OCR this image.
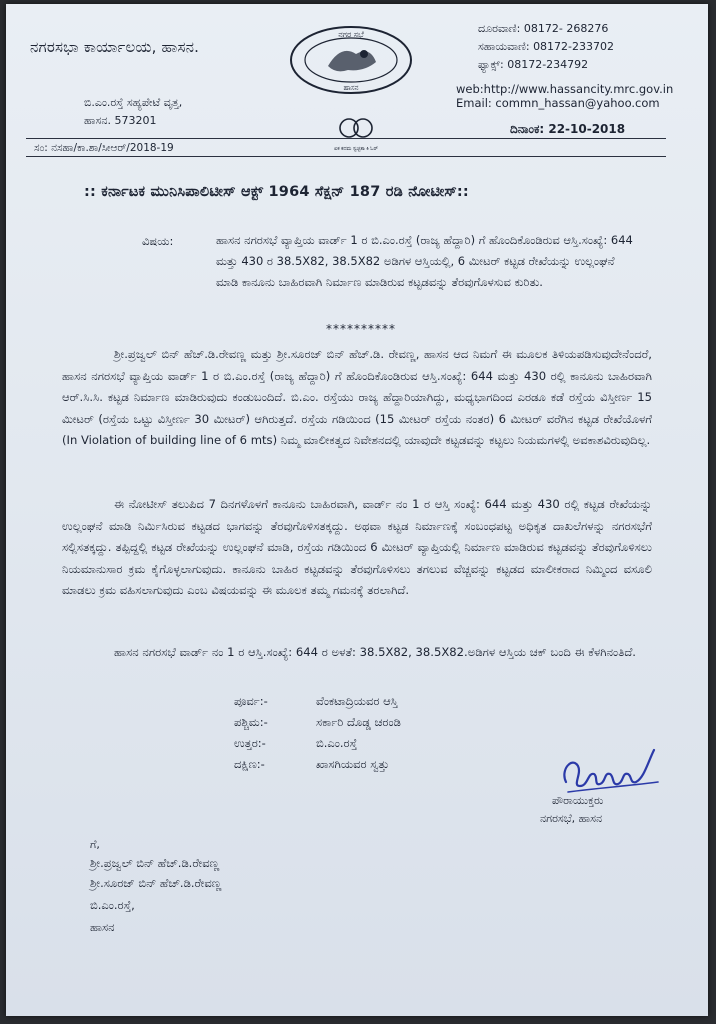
ನಗರಸಭಾ ಕಾರ್ಯಾಲಯ, ಹಾಸನ.
ಬಿ.ಎಂ.ರಸ್ತೆ ಸಹ್ಯಪೇಟೆ ವೃತ್ತ,
ಹಾಸನ. 573201
ನಗರ ಸಭೆ
ಹಾಸನ
ಏಕ ಕದಮ ಸ್ವಚ್ಛತಾ ಕಿ ಓರ್
ದೂರವಾಣಿ: 08172- 268276
ಸಹಾಯವಾಣಿ: 08172-233702
ಫ್ಯಾಕ್ಸ್: 08172-234792
web:http://www.hassancity.mrc.gov.in
Email: commn_hassan@yahoo.com
ದಿನಾಂಕ: 22-10-2018
ಸಂ: ನಸಹಾ/ಕಾ.ಶಾ/ಸೀಆರ್/2018-19
:: ಕರ್ನಾಟಕ ಮುನಿಸಿಪಾಲಿಟೀಸ್ ಆಕ್ಟ್ 1964 ಸೆಕ್ಷನ್ 187 ರಡಿ ನೋಟೀಸ್::
ವಿಷಯ:	ಹಾಸನ ನಗರಸಭೆ ವ್ಯಾಪ್ತಿಯ ವಾರ್ಡ್ 1 ರ ಬಿ.ಎಂ.ರಸ್ತೆ (ರಾಜ್ಯ ಹೆದ್ದಾರಿ) ಗೆ ಹೊಂದಿಕೊಂಡಿರುವ ಆಸ್ತಿ.ಸಂಖ್ಯೆ: 644 ಮತ್ತು 430 ರ 38.5X82, 38.5X82 ಅಡಿಗಳ ಆಸ್ತಿಯಲ್ಲಿ, 6 ಮೀಟರ್ ಕಟ್ಟಡ ರೇಖೆಯನ್ನು ಉಲ್ಲಂಘನೆ ಮಾಡಿ ಕಾನೂನು ಬಾಹಿರವಾಗಿ ನಿರ್ಮಾಣ ಮಾಡಿರುವ ಕಟ್ಟಡವನ್ನು ತೆರವುಗೊಳಸುವ ಕುರಿತು.
**********
ಶ್ರೀ.ಪ್ರಜ್ವಲ್ ಬಿನ್ ಹೆಚ್.ಡಿ.ರೇವಣ್ಣ ಮತ್ತು ಶ್ರೀ.ಸೂರಜ್ ಬಿನ್ ಹೆಚ್.ಡಿ. ರೇವಣ್ಣ, ಹಾಸನ ಆದ ನಿಮಗೆ ಈ ಮೂಲಕ ತಿಳಿಯಪಡಿಸುವುದೇನೆಂದರೆ, ಹಾಸನ ನಗರಸಭೆ ವ್ಯಾಪ್ತಿಯ ವಾರ್ಡ್ 1 ರ ಬಿ.ಎಂ.ರಸ್ತೆ (ರಾಜ್ಯ ಹೆದ್ದಾರಿ) ಗೆ ಹೊಂದಿಕೊಂಡಿರುವ ಆಸ್ತಿ.ಸಂಖ್ಯೆ: 644 ಮತ್ತು 430 ರಲ್ಲಿ ಕಾನೂನು ಬಾಹಿರವಾಗಿ ಆರ್.ಸಿ.ಸಿ. ಕಟ್ಟಡ ನಿರ್ಮಾಣ ಮಾಡಿರುವುದು ಕಂಡುಬಂದಿದೆ. ಬಿ.ಎಂ. ರಸ್ತೆಯು ರಾಜ್ಯ ಹೆದ್ದಾರಿಯಾಗಿದ್ದು, ಮಧ್ಯಭಾಗದಿಂದ ಎರಡೂ ಕಡೆ ರಸ್ತೆಯ ವಿಸ್ತೀರ್ಣ 15 ಮೀಟರ್ (ರಸ್ತೆಯ ಒಟ್ಟು ವಿಸ್ತೀರ್ಣ 30 ಮೀಟರ್) ಆಗಿರುತ್ತದೆ. ರಸ್ತೆಯ ಗಡಿಯಿಂದ (15 ಮೀಟರ್ ರಸ್ತೆಯ ನಂತರ) 6 ಮೀಟರ್ ವರೆಗಿನ ಕಟ್ಟಡ ರೇಖೆಯೊಳಗೆ (In Violation of building line of 6 mts) ನಿಮ್ಮ ಮಾಲೀಕತ್ವದ ನಿವೇಶನದಲ್ಲಿ ಯಾವುದೇ ಕಟ್ಟಡವನ್ನು ಕಟ್ಟಲು ನಿಯಮಗಳಲ್ಲಿ ಅವಕಾಶವಿರುವುದಿಲ್ಲ.
ಈ ನೋಟೀಸ್ ತಲುಪಿದ 7 ದಿನಗಳೊಳಗೆ ಕಾನೂನು ಬಾಹಿರವಾಗಿ, ವಾರ್ಡ್ ನಂ 1 ರ ಆಸ್ತಿ ಸಂಖ್ಯೆ: 644 ಮತ್ತು 430 ರಲ್ಲಿ ಕಟ್ಟಡ ರೇಖೆಯನ್ನು ಉಲ್ಲಂಘನೆ ಮಾಡಿ ನಿರ್ಮಿಸಿರುವ ಕಟ್ಟಡದ ಭಾಗವನ್ನು ತೆರವುಗೊಳಿಸತಕ್ಕದ್ದು. ಅಥವಾ ಕಟ್ಟಡ ನಿರ್ಮಾಣಕ್ಕೆ ಸಂಬಂಧಪಟ್ಟ ಅಧಿಕೃತ ದಾಖಲೆಗಳನ್ನು ನಗರಸಭೆಗೆ ಸಲ್ಲಿಸತಕ್ಕದ್ದು. ತಪ್ಪಿದ್ದಲ್ಲಿ ಕಟ್ಟಡ ರೇಖೆಯನ್ನು ಉಲ್ಲಂಘನೆ ಮಾಡಿ, ರಸ್ತೆಯ ಗಡಿಯಿಂದ 6 ಮೀಟರ್ ವ್ಯಾಪ್ತಿಯಲ್ಲಿ ನಿರ್ಮಾಣ ಮಾಡಿರುವ ಕಟ್ಟಡವನ್ನು ತೆರವುಗೊಳಿಸಲು ನಿಯಮಾನುಸಾರ ಕ್ರಮ ಕೈಗೊಳ್ಳಲಾಗುವುದು. ಕಾನೂನು ಬಾಹಿರ ಕಟ್ಟಡವನ್ನು ತೆರವುಗೊಳಿಸಲು ತಗಲುವ ವೆಚ್ಚವನ್ನು ಕಟ್ಟಡದ ಮಾಲೀಕರಾದ ನಿಮ್ಮಿಂದ ವಸೂಲಿ ಮಾಡಲು ಕ್ರಮ ವಹಿಸಲಾಗುವುದು ಎಂಬ ವಿಷಯವನ್ನು ಈ ಮೂಲಕ ತಮ್ಮ ಗಮನಕ್ಕೆ ತರಲಾಗಿದೆ.
ಹಾಸನ ನಗರಸಭೆ ವಾರ್ಡ್ ನಂ 1 ರ ಆಸ್ತಿ.ಸಂಖ್ಯೆ: 644 ರ ಅಳತೆ: 38.5X82, 38.5X82.ಅಡಿಗಳ ಆಸ್ತಿಯ ಚಕ್ ಬಂದಿ ಈ ಕೆಳಗಿನಂತಿದೆ.
ಪೂರ್ವ:-	ವೆಂಕಟಾದ್ರಿಯವರ ಆಸ್ತಿ
ಪಶ್ಚಿಮ:-	ಸರ್ಕಾರಿ ದೊಡ್ಡ ಚರಂಡಿ
ಉತ್ತರ:-	ಬಿ.ಎಂ.ರಸ್ತೆ
ದಕ್ಷಿಣ:-	ಖಾಸಗಿಯವರ ಸ್ವತ್ತು
ಪೌರಾಯುಕ್ತರು
ನಗರಸಭೆ, ಹಾಸನ
ಗೆ,
ಶ್ರೀ.ಪ್ರಜ್ವಲ್ ಬಿನ್ ಹೆಚ್.ಡಿ.ರೇವಣ್ಣ
ಶ್ರೀ.ಸೂರಜ್ ಬಿನ್ ಹೆಚ್.ಡಿ.ರೇವಣ್ಣ
ಬಿ.ಎಂ.ರಸ್ತೆ,
ಹಾಸನ
